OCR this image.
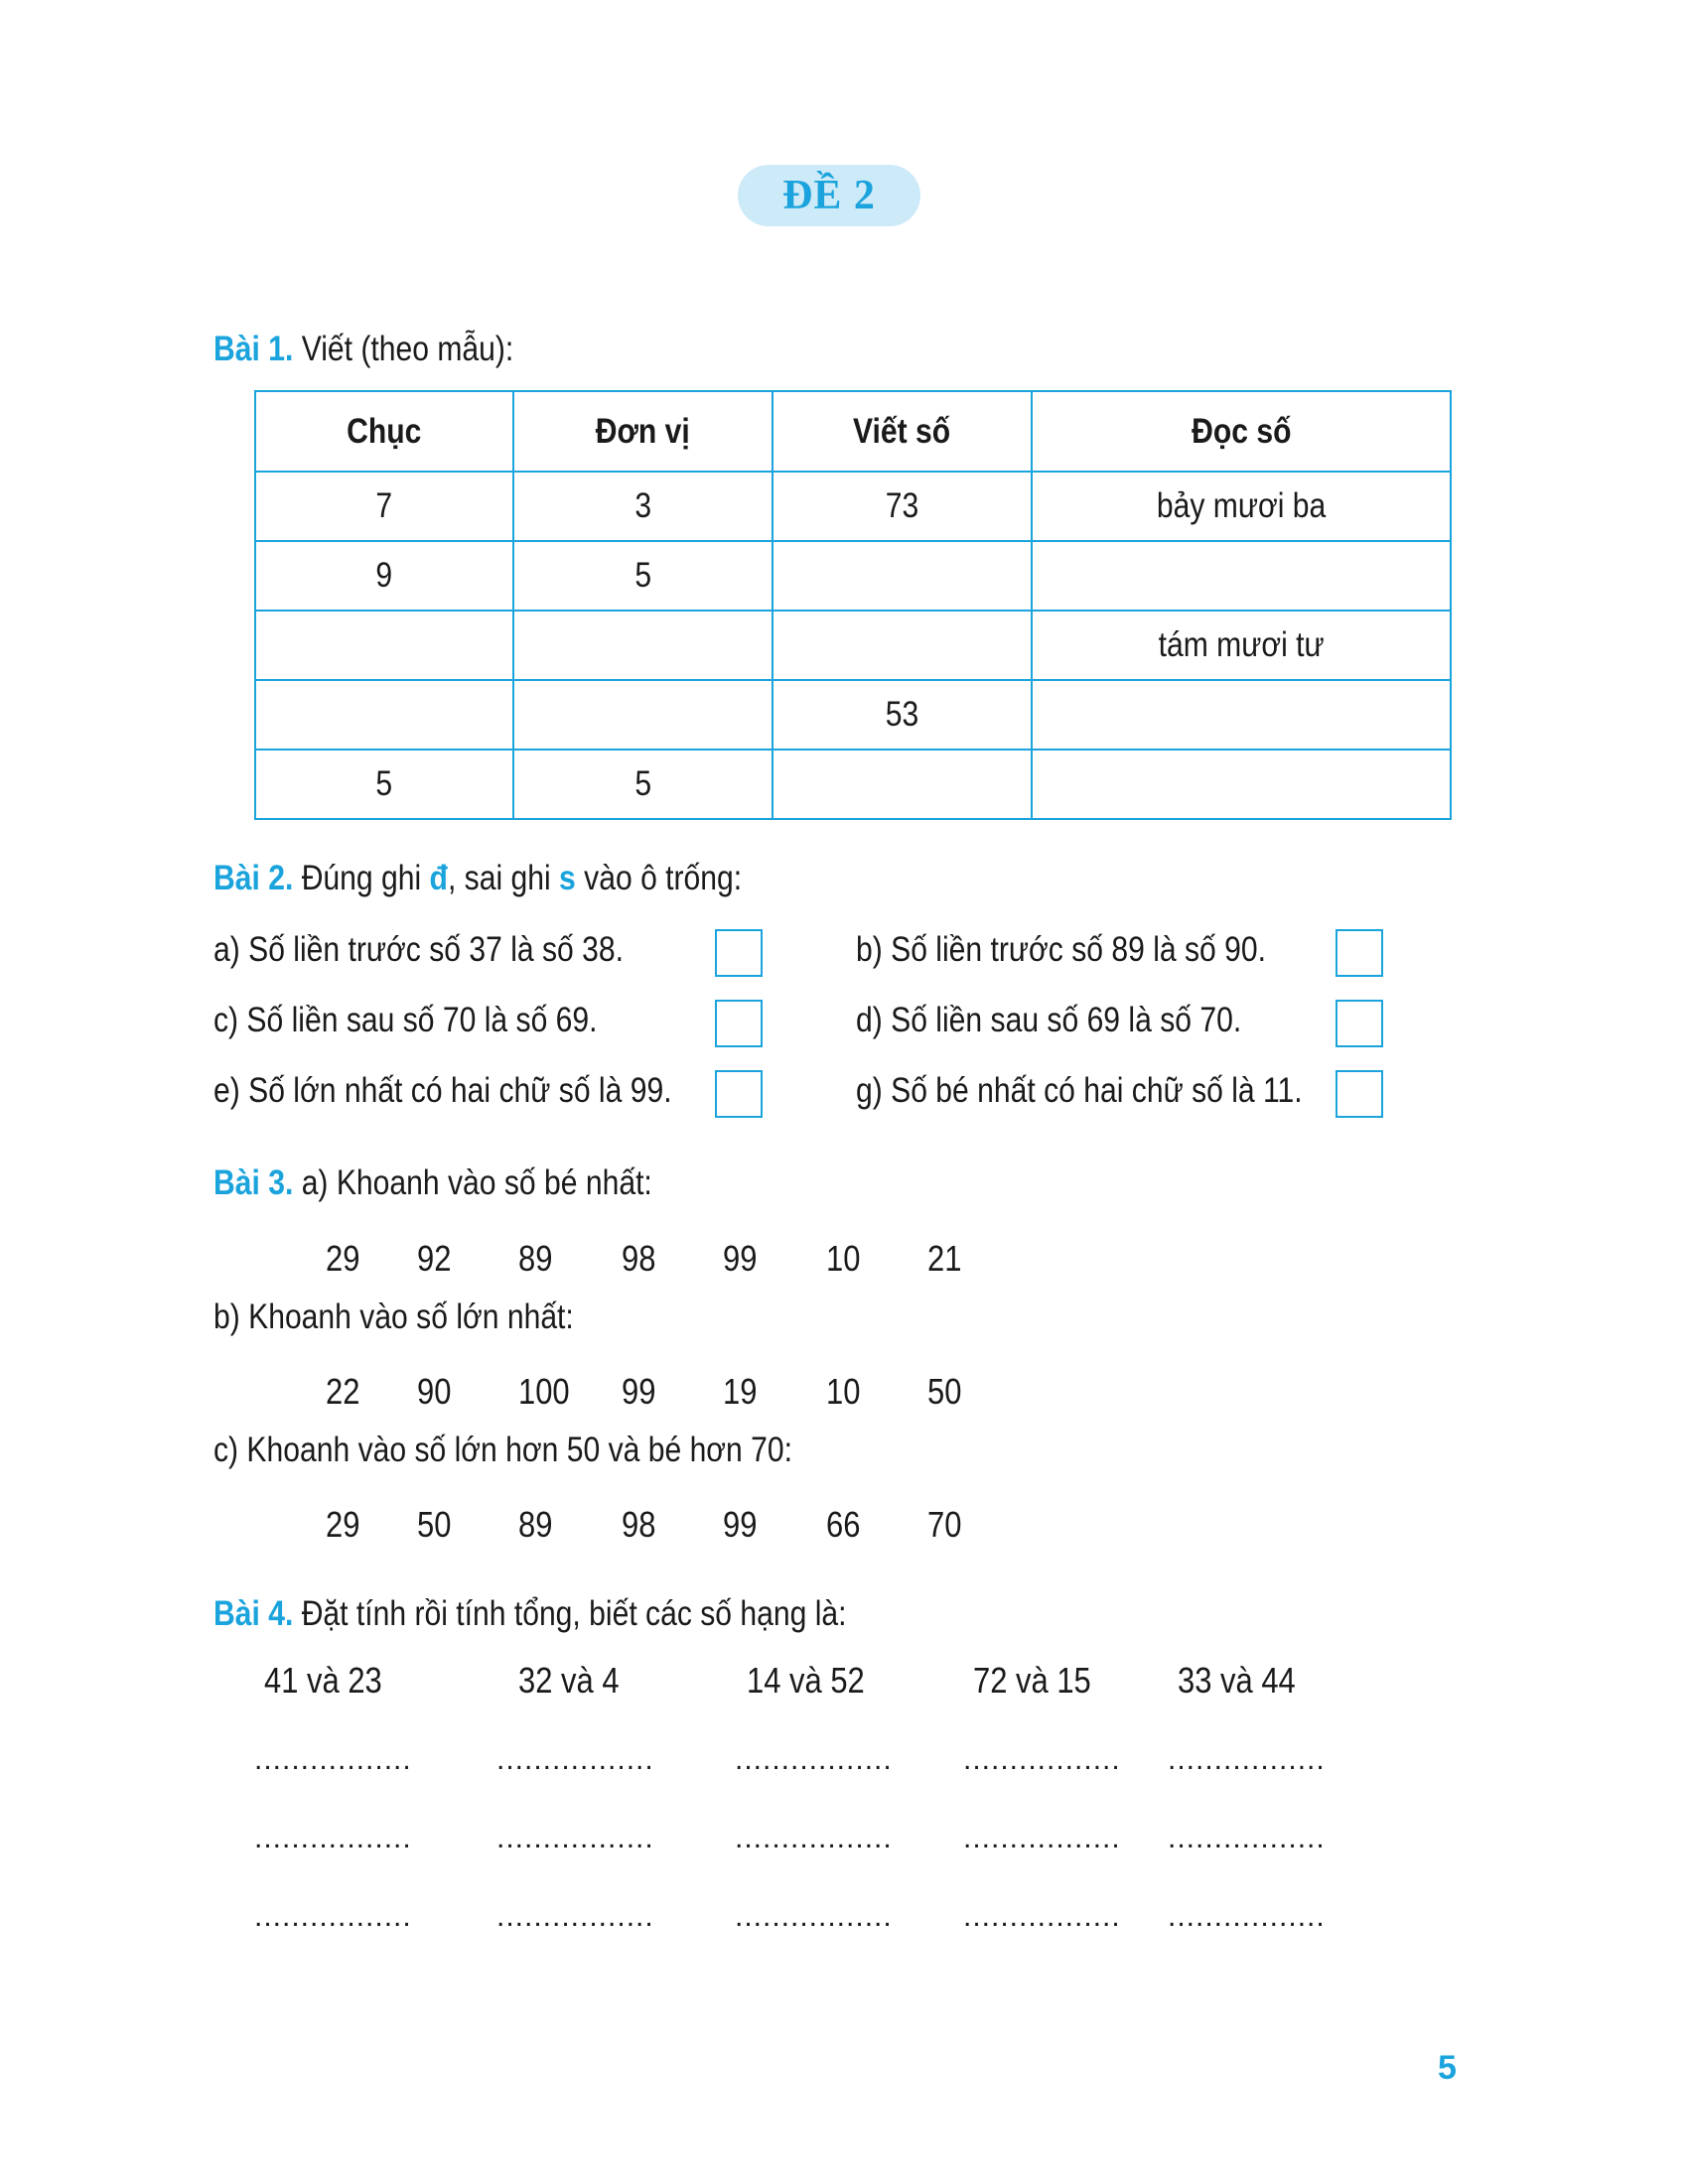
ĐỀ 2
Bài 1. Viết (theo mẫu):
Chục	Đơn vị	Viết số	Đọc số
7	3	73	bảy mươi ba
9	5		
			tám mươi tư
		53	
5	5		
Bài 2. Đúng ghi đ, sai ghi s vào ô trống:
a) Số liền trước số 37 là số 38.	b) Số liền trước số 89 là số 90.
c) Số liền sau số 70 là số 69.	d) Số liền sau số 69 là số 70.
e) Số lớn nhất có hai chữ số là 99.	g) Số bé nhất có hai chữ số là 11.
Bài 3. a) Khoanh vào số bé nhất:
29 92 89 98 99 10 21
b) Khoanh vào số lớn nhất:
22 90 100 99 19 10 50
c) Khoanh vào số lớn hơn 50 và bé hơn 70:
29 50 89 98 99 66 70
Bài 4. Đặt tính rồi tính tổng, biết các số hạng là:
41 và 23	32 và 4	14 và 52	72 và 15 33 và 44
.................	.................	................. ................. .................
.................	.................	................. ................. .................
.................	.................	................. ................. .................
5
